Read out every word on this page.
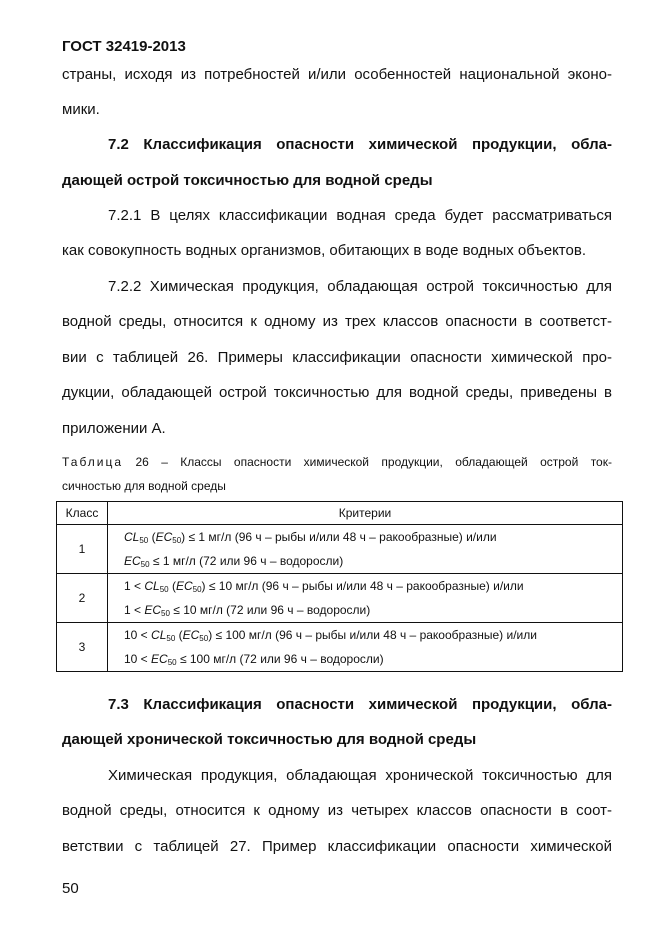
ГОСТ 32419-2013
страны, исходя из потребностей и/или особенностей национальной эконо-
мики.
7.2 Классификация опасности химической продукции, обла-
дающей острой токсичностью для водной среды
7.2.1 В целях классификации водная среда будет рассматриваться
как совокупность водных организмов, обитающих в воде водных объектов.
7.2.2 Химическая продукция, обладающая острой токсичностью для
водной среды, относится к одному из трех классов опасности в соответст-
вии с таблицей 26. Примеры классификации опасности химической про-
дукции, обладающей острой токсичностью для водной среды, приведены в
приложении А.
Таблица 26 – Классы опасности химической продукции, обладающей острой ток-
сичностью для водной среды
Класс	Критерии
1	$CL_{50}$ $(EC_{50}) \le 1$ мг/л (96 ч – рыбы и/или 48 ч – ракообразные) и/или
$EC_{50} \le 1$ мг/л (72 или 96 ч – водоросли)

2	$1 < CL_{50}$ $(EC_{50}) \le 10$ мг/л (96 ч – рыбы и/или 48 ч – ракообразные) и/или
$1 < EC_{50} \le 10$ мг/л (72 или 96 ч – водоросли)

3	$10 < CL_{50}$ $(EC_{50}) \le 100$ мг/л (96 ч – рыбы и/или 48 ч – ракообразные) и/или
$10 < EC_{50} \le 100$ мг/л (72 или 96 ч – водоросли)
7.3 Классификация опасности химической продукции, обла-
дающей хронической токсичностью для водной среды
Химическая продукция, обладающая хронической токсичностью для
водной среды, относится к одному из четырех классов опасности в соот-
ветствии с таблицей 27. Пример классификации опасности химической
50
